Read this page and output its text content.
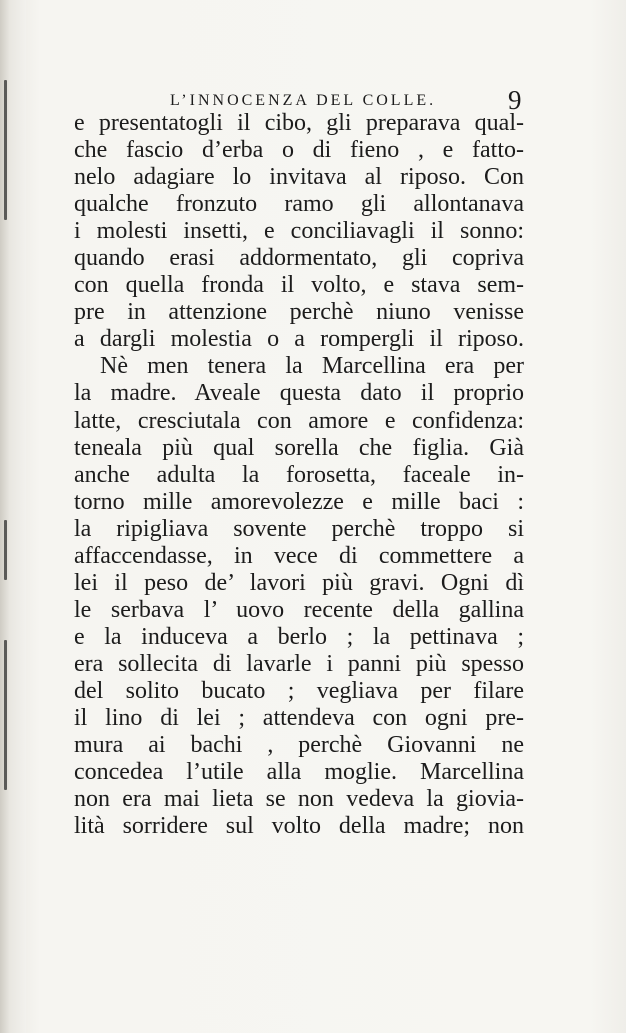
L’INNOCENZA DEL COLLE.	9
e presentatogli il cibo, gli preparava qual-
che fascio d’erba o di fieno , e fatto-
nelo adagiare lo invitava al riposo. Con
qualche fronzuto ramo gli allontanava
i molesti insetti, e conciliavagli il sonno:
quando erasi addormentato, gli copriva
con quella fronda il volto, e stava sem-
pre in attenzione perchè niuno venisse
a dargli molestia o a rompergli il riposo.
Nè men tenera la Marcellina era per
la madre. Aveale questa dato il proprio
latte, cresciutala con amore e confidenza:
teneala più qual sorella che figlia. Già
anche adulta la forosetta, faceale in-
torno mille amorevolezze e mille baci :
la ripigliava sovente perchè troppo si
affaccendasse, in vece di commettere a
lei il peso de’ lavori più gravi. Ogni dì
le serbava l’ uovo recente della gallina
e la induceva a berlo ; la pettinava ;
era sollecita di lavarle i panni più spesso
del solito bucato ; vegliava per filare
il lino di lei ; attendeva con ogni pre-
mura ai bachi , perchè Giovanni ne
concedea l’utile alla moglie. Marcellina
non era mai lieta se non vedeva la giovia-
lità sorridere sul volto della madre; non
